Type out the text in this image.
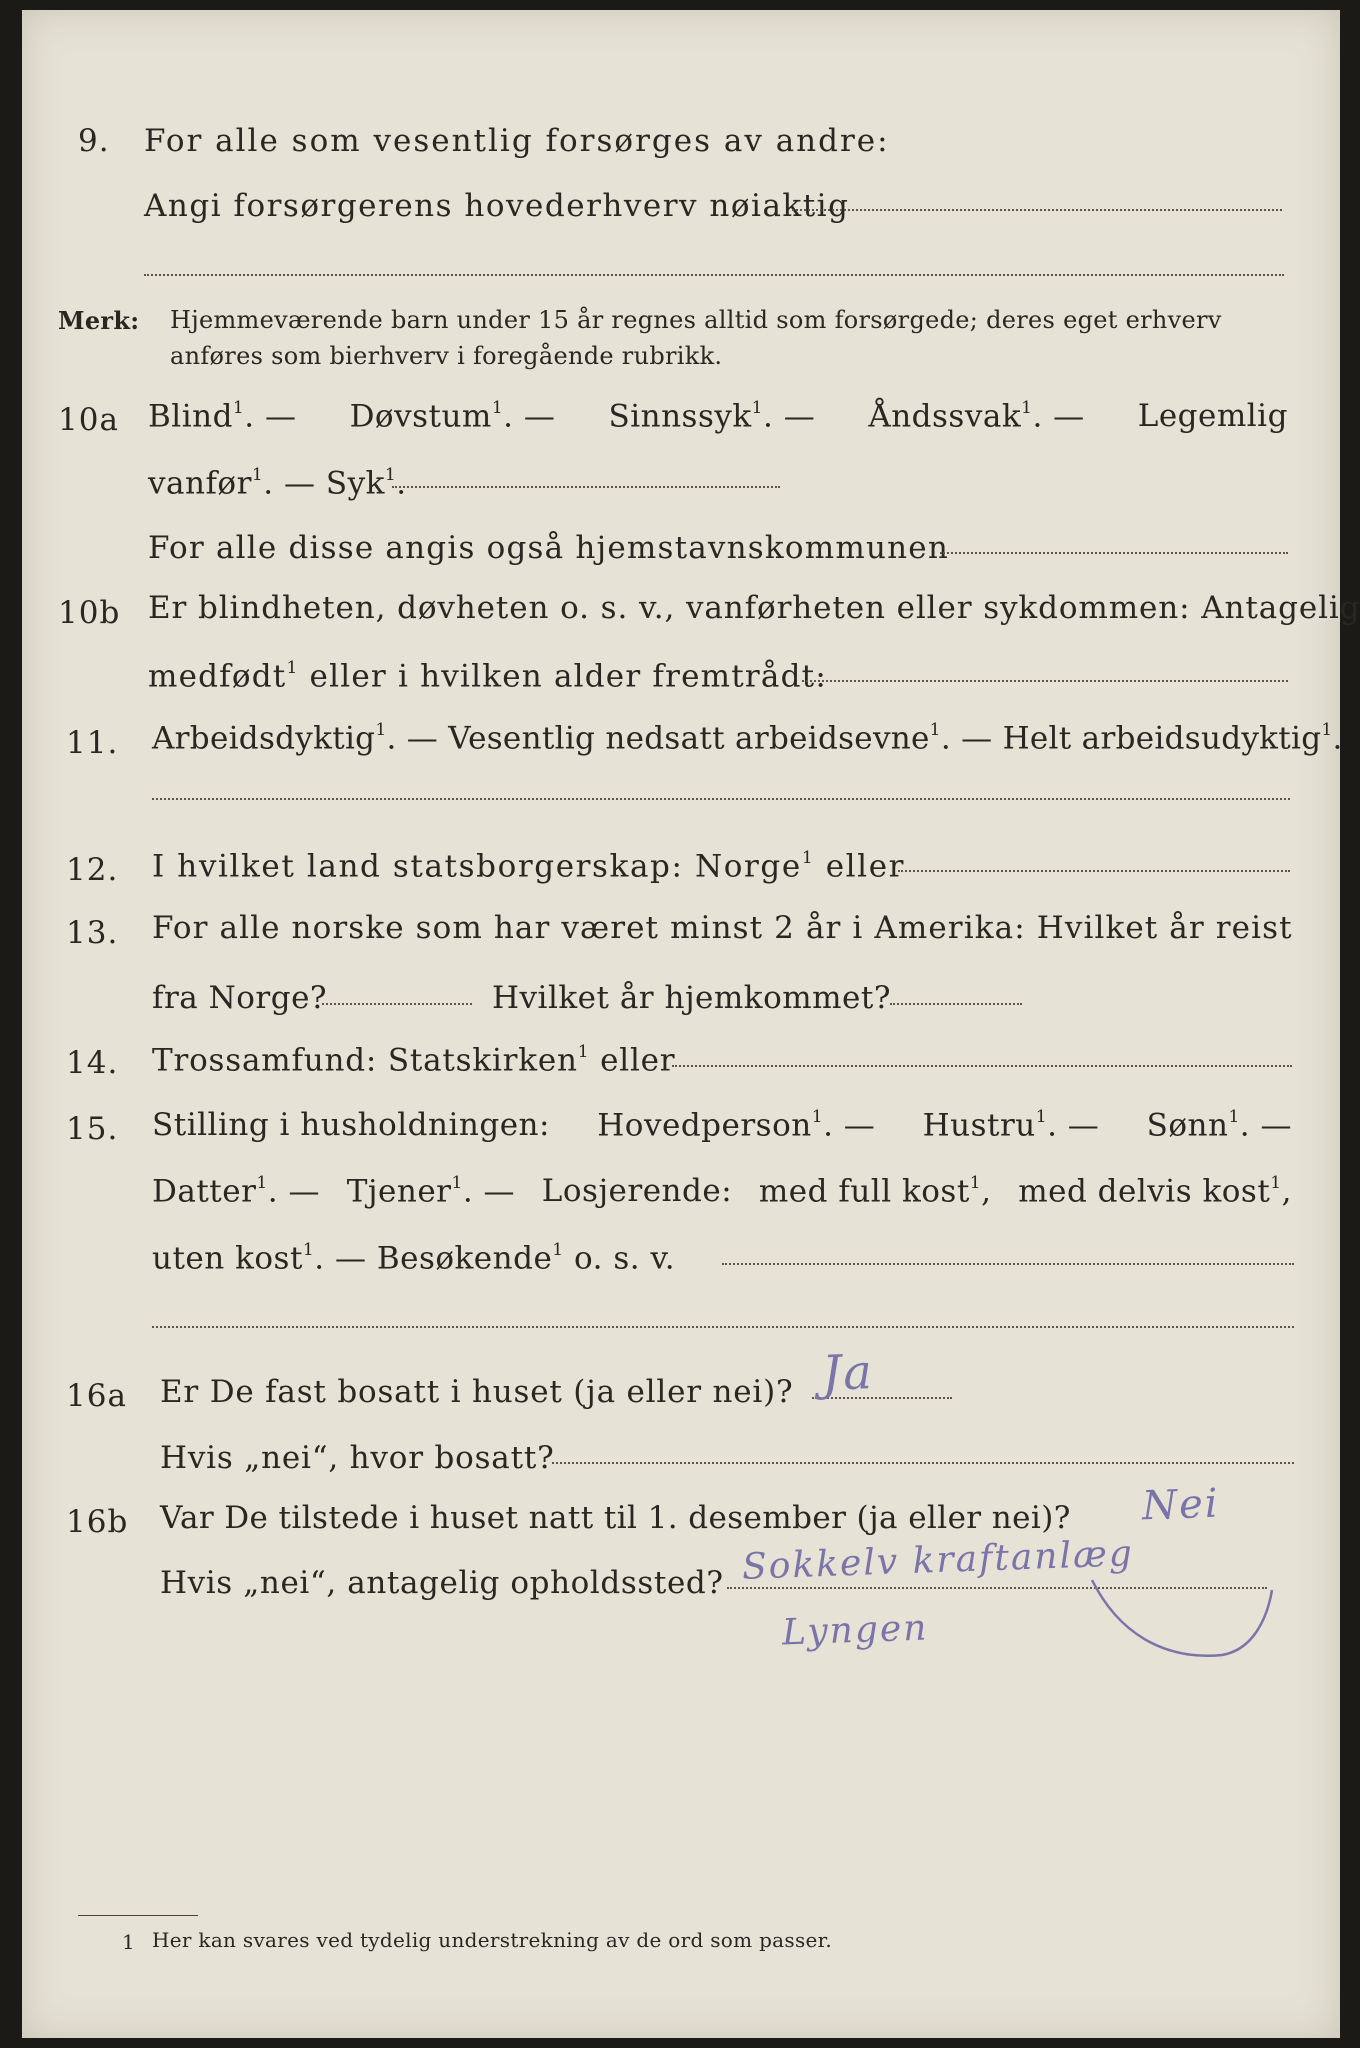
9. For alle som vesentlig forsørges av andre:
Angi forsørgerens hovederhverv nøiaktig
Merk: Hjemmeværende barn under 15 år regnes alltid som forsørgede; deres eget erhverv
anføres som bierhverv i foregående rubrikk.
10a Blind$^1$. — Døvstum$^1$. — Sinnssyk$^1$. — Åndssvak$^1$. — Legemlig
vanfør$^1$. — Syk$^1$.
For alle disse angis også hjemstavnskommunen
10b Er blindheten, døvheten o. s. v., vanførheten eller sykdommen: Antagelig
medfødt$^1$ eller i hvilken alder fremtrådt:
11. Arbeidsdyktig$^1$. — Vesentlig nedsatt arbeidsevne$^1$. — Helt arbeidsudyktig$^1$.
12. I hvilket land statsborgerskap: Norge$^1$ eller
13. For alle norske som har været minst 2 år i Amerika: Hvilket år reist
fra Norge?	Hvilket år hjemkommet?
14. Trossamfund: Statskirken$^1$ eller
15. Stilling i husholdningen: Hovedperson$^1$. — Hustru$^1$. — Sønn$^1$. —
Datter$^1$. — Tjener$^1$. — Losjerende: med full kost$^1$, med delvis kost$^1$,
uten kost$^1$. — Besøkende$^1$ o. s. v.
16a Er De fast bosatt i huset (ja eller nei)? Ja
Hvis „nei“, hvor bosatt?
16b Var De tilstede i huset natt til 1. desember (ja eller nei)? Nei
Hvis „nei“, antagelig opholdssted? Sokkelv kraftanlæg
Lyngen
1 Her kan svares ved tydelig understrekning av de ord som passer.
